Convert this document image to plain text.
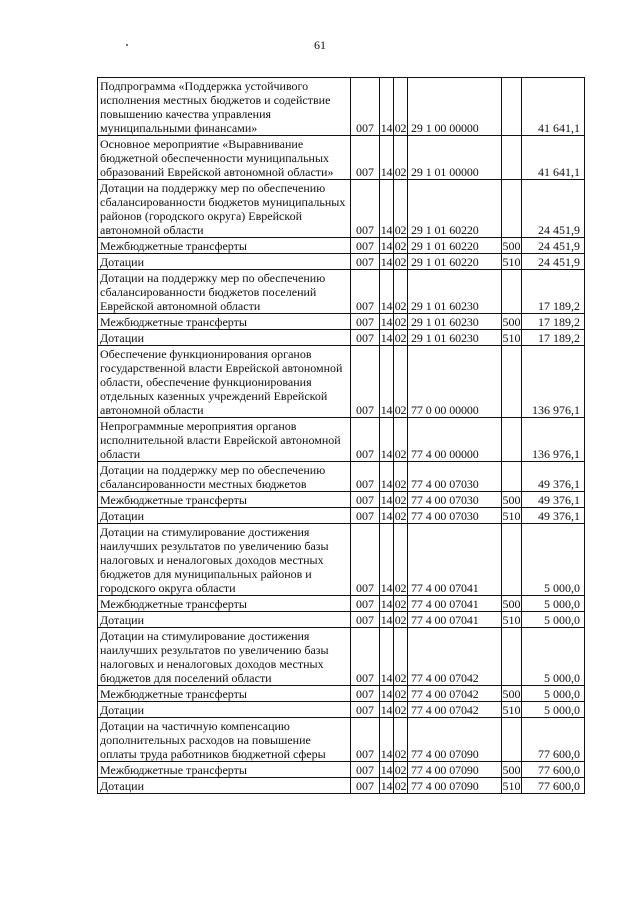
61
Подпрограмма «Поддержка устойчивого исполнения местных бюджетов и содействие повышению качества управления муниципальными финансами»	007	14	02	29 1 00 00000		41 641,1
Основное мероприятие «Выравнивание бюджетной обеспеченности муниципальных образований Еврейской автономной области»	007	14	02	29 1 01 00000		41 641,1
Дотации на поддержку мер по обеспечению сбалансированности бюджетов муниципальных районов (городского округа) Еврейской автономной области	007	14	02	29 1 01 60220		24 451,9
Межбюджетные трансферты	007	14	02	29 1 01 60220	500	24 451,9
Дотации	007	14	02	29 1 01 60220	510	24 451,9
Дотации на поддержку мер по обеспечению сбалансированности бюджетов поселений Еврейской автономной области	007	14	02	29 1 01 60230		17 189,2
Межбюджетные трансферты	007	14	02	29 1 01 60230	500	17 189,2
Дотации	007	14	02	29 1 01 60230	510	17 189,2
Обеспечение функционирования органов государственной власти Еврейской автономной области, обеспечение функционирования отдельных казенных учреждений Еврейской автономной области	007	14	02	77 0 00 00000		136 976,1
Непрограммные мероприятия органов исполнительной власти Еврейской автономной области	007	14	02	77 4 00 00000		136 976,1
Дотации на поддержку мер по обеспечению сбалансированности местных бюджетов	007	14	02	77 4 00 07030		49 376,1
Межбюджетные трансферты	007	14	02	77 4 00 07030	500	49 376,1
Дотации	007	14	02	77 4 00 07030	510	49 376,1
Дотации на стимулирование достижения наилучших результатов по увеличению базы налоговых и неналоговых доходов местных бюджетов для муниципальных районов и городского округа области	007	14	02	77 4 00 07041		5 000,0
Межбюджетные трансферты	007	14	02	77 4 00 07041	500	5 000,0
Дотации	007	14	02	77 4 00 07041	510	5 000,0
Дотации на стимулирование достижения наилучших результатов по увеличению базы налоговых и неналоговых доходов местных бюджетов для поселений области	007	14	02	77 4 00 07042		5 000,0
Межбюджетные трансферты	007	14	02	77 4 00 07042	500	5 000,0
Дотации	007	14	02	77 4 00 07042	510	5 000,0
Дотации на частичную компенсацию дополнительных расходов на повышение оплаты труда работников бюджетной сферы	007	14	02	77 4 00 07090		77 600,0
Межбюджетные трансферты	007	14	02	77 4 00 07090	500	77 600,0
Дотации	007	14	02	77 4 00 07090	510	77 600,0
